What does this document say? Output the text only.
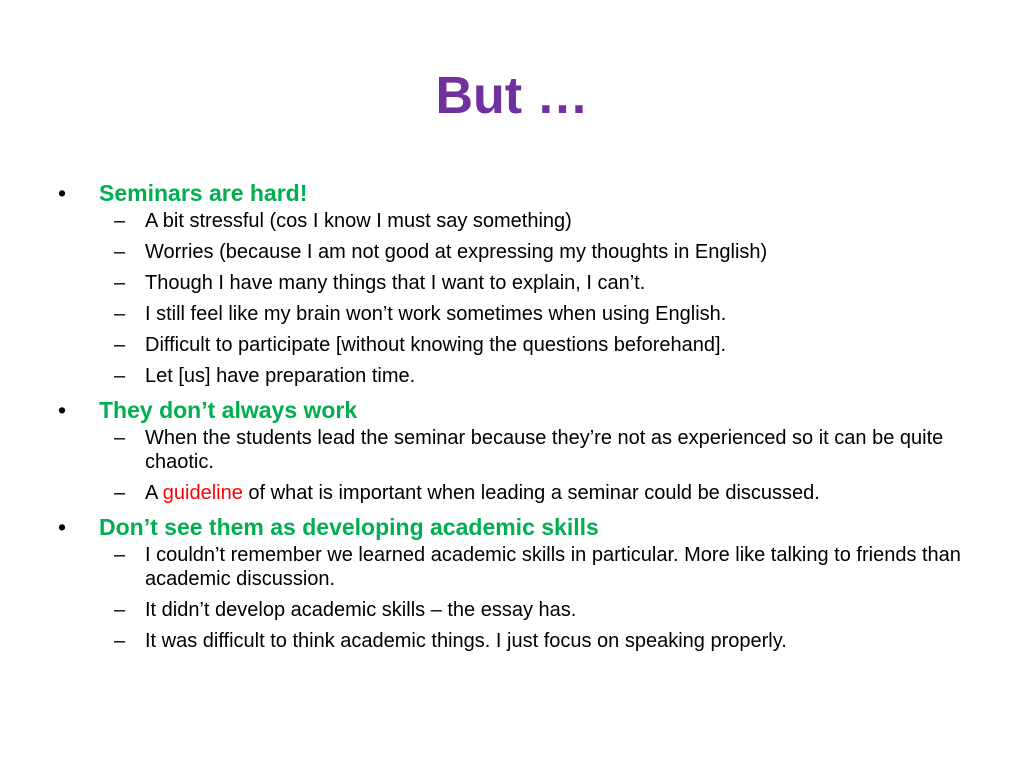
But …
• Seminars are hard!
– A bit stressful (cos I know I must say something)
– Worries (because I am not good at expressing my thoughts in English)
– Though I have many things that I want to explain, I can’t.
– I still feel like my brain won’t work sometimes when using English.
– Difficult to participate [without knowing the questions beforehand].
– Let [us] have preparation time.
• They don’t always work
– When the students lead the seminar because they’re not as experienced so it can be quite chaotic.
– A guideline of what is important when leading a seminar could be discussed.
• Don’t see them as developing academic skills
– I couldn’t remember we learned academic skills in particular. More like talking to friends than academic discussion.
– It didn’t develop academic skills – the essay has.
– It was difficult to think academic things. I just focus on speaking properly.
